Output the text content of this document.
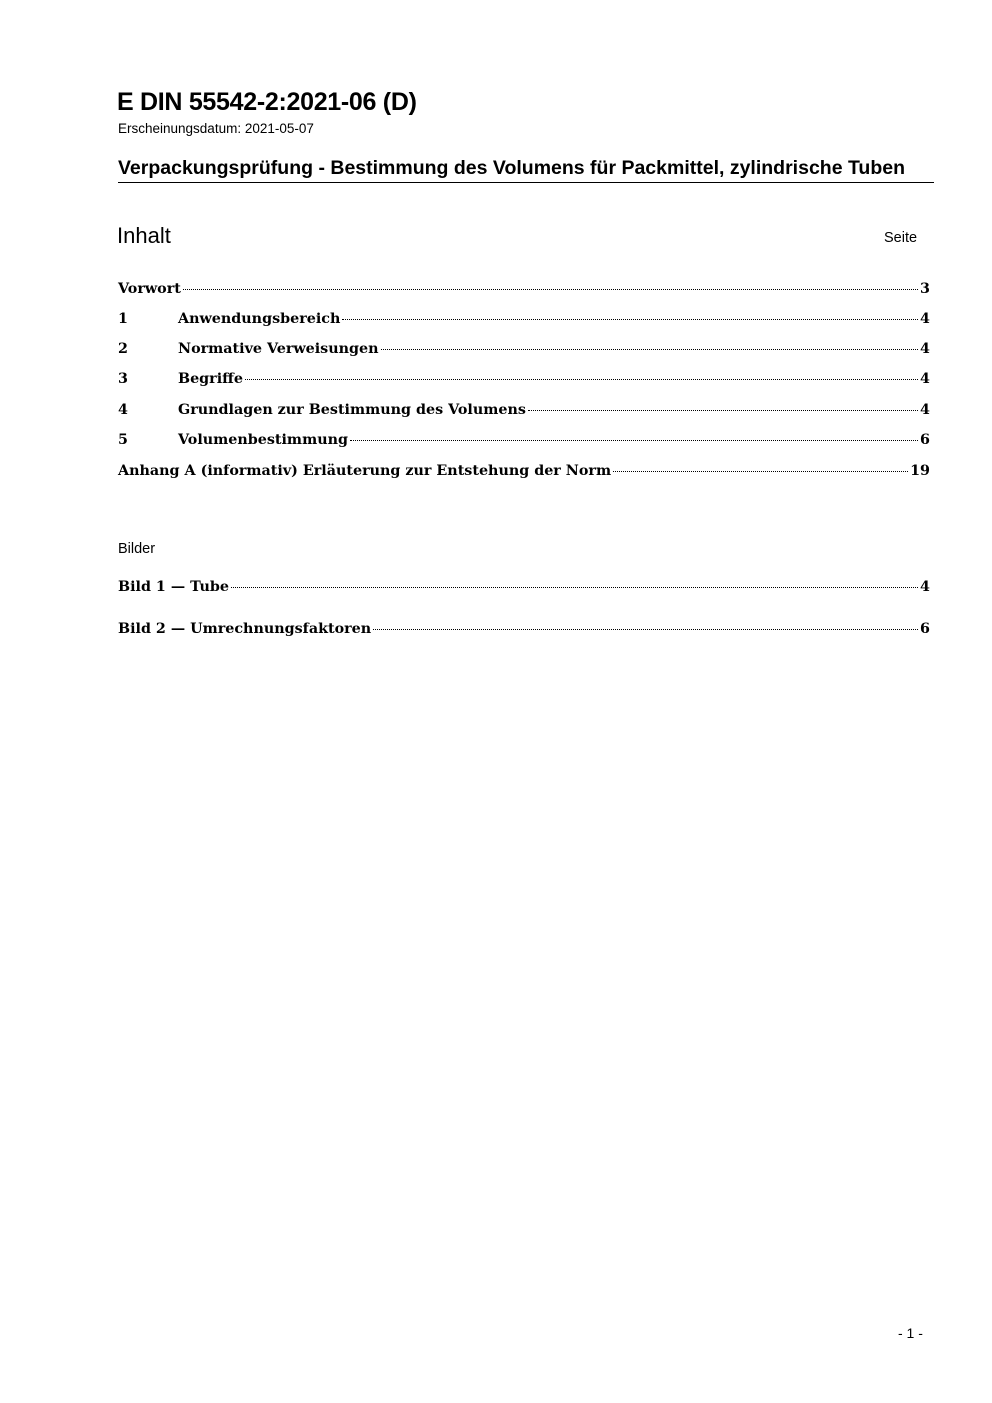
E DIN 55542-2:2021-06 (D)
Erscheinungsdatum: 2021-05-07
Verpackungsprüfung - Bestimmung des Volumens für Packmittel, zylindrische Tuben
Inhalt	Seite
Vorwort	3
1	Anwendungsbereich	4
2	Normative Verweisungen	4
3	Begriffe	4
4	Grundlagen zur Bestimmung des Volumens	4
5	Volumenbestimmung	6
Anhang A (informativ) Erläuterung zur Entstehung der Norm	19
Bilder
Bild 1 — Tube	4
Bild 2 — Umrechnungsfaktoren	6
- 1 -
